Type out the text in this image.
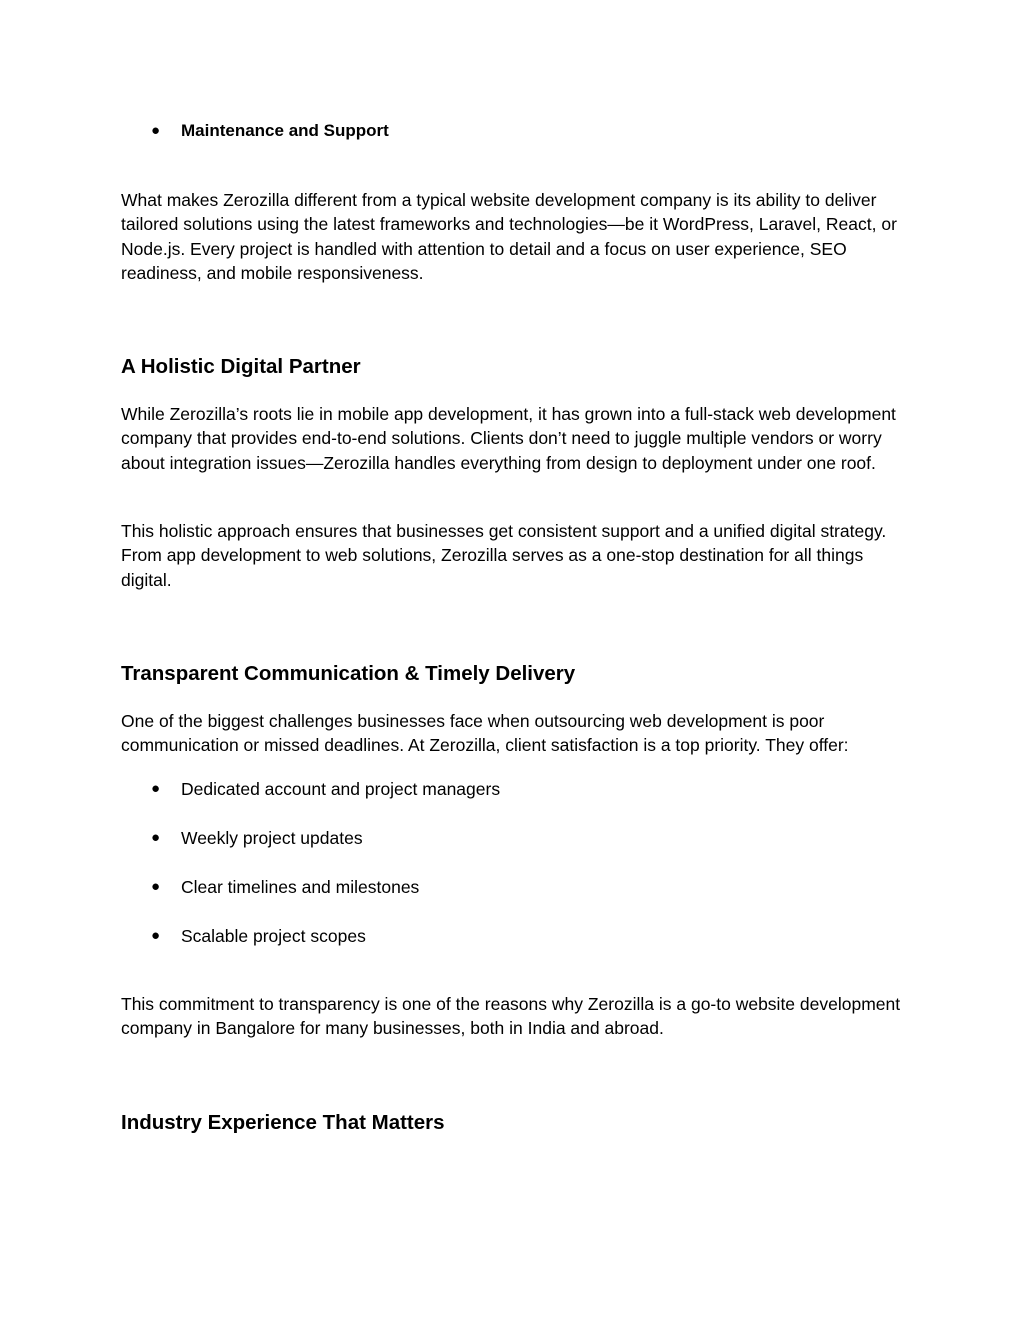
● Maintenance and Support

What makes Zerozilla different from a typical website development company is its ability to deliver tailored solutions using the latest frameworks and technologies—be it WordPress, Laravel, React, or Node.js. Every project is handled with attention to detail and a focus on user experience, SEO readiness, and mobile responsiveness.

A Holistic Digital Partner

While Zerozilla’s roots lie in mobile app development, it has grown into a full-stack web development company that provides end-to-end solutions. Clients don’t need to juggle multiple vendors or worry about integration issues—Zerozilla handles everything from design to deployment under one roof.

This holistic approach ensures that businesses get consistent support and a unified digital strategy. From app development to web solutions, Zerozilla serves as a one-stop destination for all things digital.

Transparent Communication & Timely Delivery

One of the biggest challenges businesses face when outsourcing web development is poor communication or missed deadlines. At Zerozilla, client satisfaction is a top priority. They offer:

● Dedicated account and project managers
● Weekly project updates
● Clear timelines and milestones
● Scalable project scopes

This commitment to transparency is one of the reasons why Zerozilla is a go-to website development company in Bangalore for many businesses, both in India and abroad.

Industry Experience That Matters
